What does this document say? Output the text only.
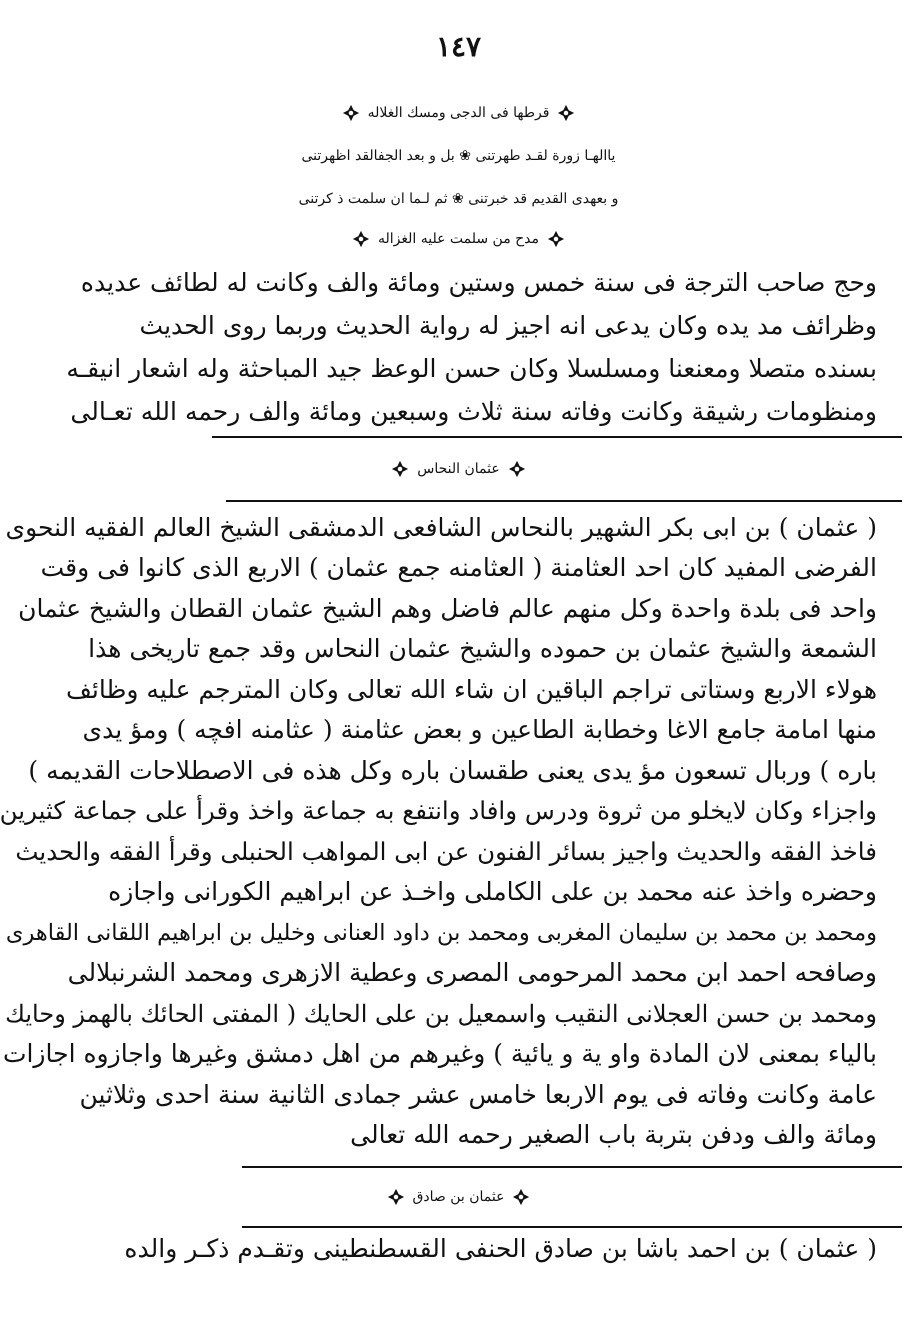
١٤٧
قرطها فى الدجى ومسك الغلاله
ياالهـا زورة لقـد طهرتنى ❀ بل و بعد الجفالقد اظهرتنى
و بعهدى القديم قد خبرتنى ❀ ثم لـما ان سلمت ذ كرتنى
مدح من سلمت عليه الغزاله
وحج صاحب الترجة فى سنة خمس وستين ومائة والف وكانت له لطائف عديده
وظرائف مد يده وكان يدعى انه اجيز له رواية الحديث وربما روى الحديث
بسنده متصلا ومعنعنا ومسلسلا وكان حسن الوعظ جيد المباحثة وله اشعار انيقـه
ومنظومات رشيقة وكانت وفاته سنة ثلاث وسبعين ومائة والف رحمه الله تعـالى
عثمان النحاس
( عثمان ) بن ابى بكر الشهير بالنحاس الشافعى الدمشقى الشيخ العالم الفقيه النحوى
الفرضى المفيد كان احد العثامنة ( العثامنه جمع عثمان ) الاربع الذى كانوا فى وقت
واحد فى بلدة واحدة وكل منهم عالم فاضل وهم الشيخ عثمان القطان والشيخ عثمان
الشمعة والشيخ عثمان بن حموده والشيخ عثمان النحاس وقد جمع تاريخى هذا
هولاء الاربع وستاتى تراجم الباقين ان شاء الله تعالى وكان المترجم عليه وظائف
منها امامة جامع الاغا وخطابة الطاعين و بعض عثامنة ( عثامنه افچه ) ومؤ يدى
باره ) وربال تسعون مؤ يدى يعنى طقسان باره وكل هذه فى الاصطلاحات القديمه )
واجزاء وكان لايخلو من ثروة ودرس وافاد وانتفع به جماعة واخذ وقرأ على جماعة كثيرين
فاخذ الفقه والحديث واجيز بسائر الفنون عن ابى المواهب الحنبلى وقرأ الفقه والحديث
وحضره واخذ عنه محمد بن على الكاملى واخـذ عن ابراهيم الكورانى واجازه
ومحمد بن محمد بن سليمان المغربى ومحمد بن داود العنانى وخليل بن ابراهيم اللقانى القاهرى
وصافحه احمد ابن محمد المرحومى المصرى وعطية الازهرى ومحمد الشرنبلالى
ومحمد بن حسن العجلانى النقيب واسمعيل بن على الحايك ( المفتى الحائك بالهمز وحايك
بالياء بمعنى لان المادة واو ية و يائية ) وغيرهم من اهل دمشق وغيرها واجازوه اجازات
عامة وكانت وفاته فى يوم الاربعا خامس عشر جمادى الثانية سنة احدى وثلاثين
ومائة والف ودفن بتربة باب الصغير رحمه الله تعالى
عثمان بن صادق
( عثمان ) بن احمد باشا بن صادق الحنفى القسطنطينى وتقـدم ذكـر والده
